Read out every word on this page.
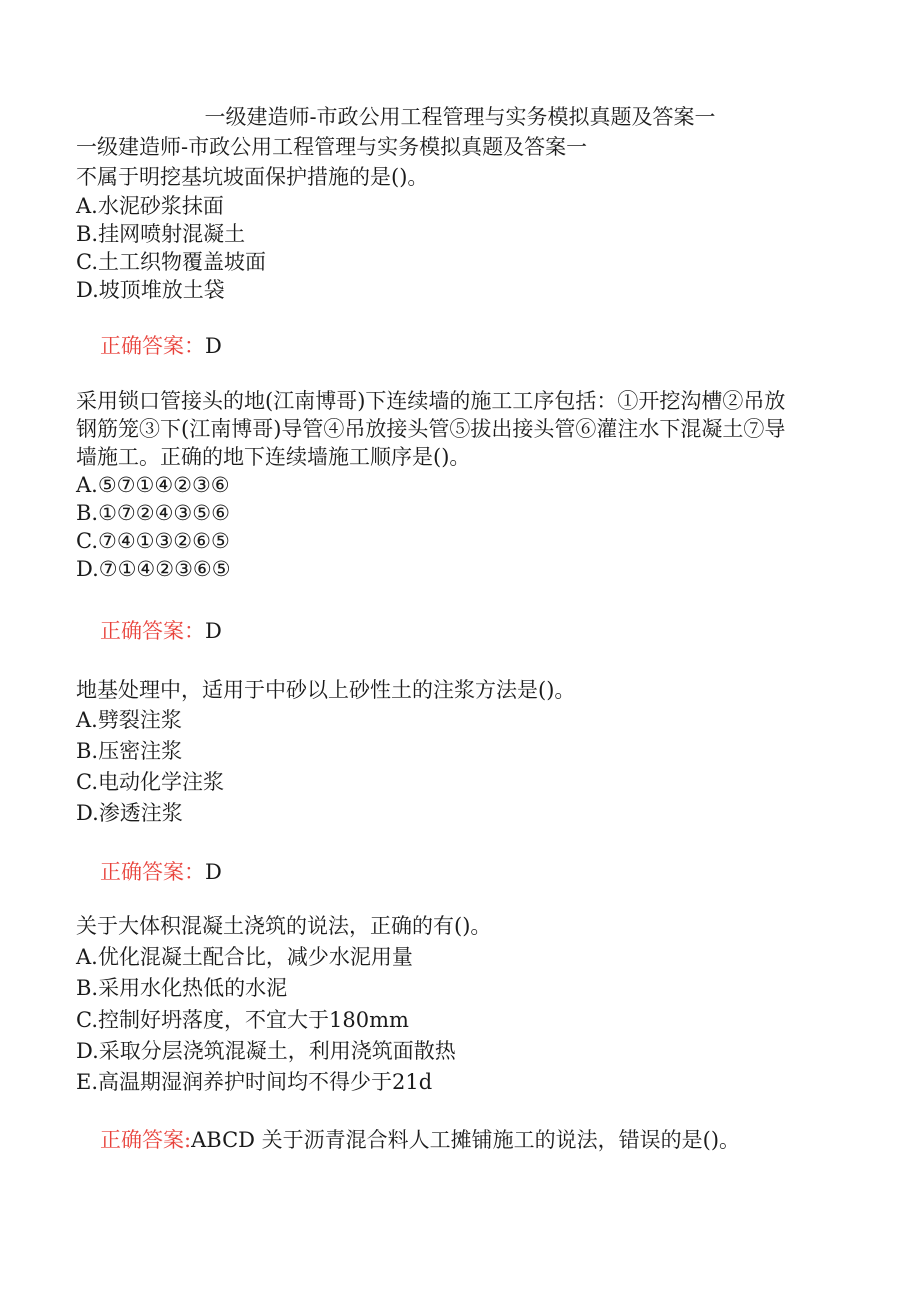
一级建造师-市政公用工程管理与实务模拟真题及答案一

一级建造师-市政公用工程管理与实务模拟真题及答案一

不属于明挖基坑坡面保护措施的是()。

A.水泥砂浆抹面

B.挂网喷射混凝土

C.土工织物覆盖坡面

D.坡顶堆放土袋

正确答案：D

采用锁口管接头的地(江南博哥)下连续墙的施工工序包括：①开挖沟槽②吊放

钢筋笼③下(江南博哥)导管④吊放接头管⑤拔出接头管⑥灌注水下混凝土⑦导

墙施工。正确的地下连续墙施工顺序是()。

A.⑤⑦①④②③⑥

B.①⑦②④③⑤⑥

C.⑦④①③②⑥⑤

D.⑦①④②③⑥⑤

正确答案：D

地基处理中，适用于中砂以上砂性土的注浆方法是()。

A.劈裂注浆

B.压密注浆

C.电动化学注浆

D.渗透注浆

正确答案：D

关于大体积混凝土浇筑的说法，正确的有()。

A.优化混凝土配合比，减少水泥用量

B.采用水化热低的水泥

C.控制好坍落度，不宜大于180mm

D.采取分层浇筑混凝土，利用浇筑面散热

E.高温期湿润养护时间均不得少于21d

正确答案:ABCD 关于沥青混合料人工摊铺施工的说法，错误的是()。
